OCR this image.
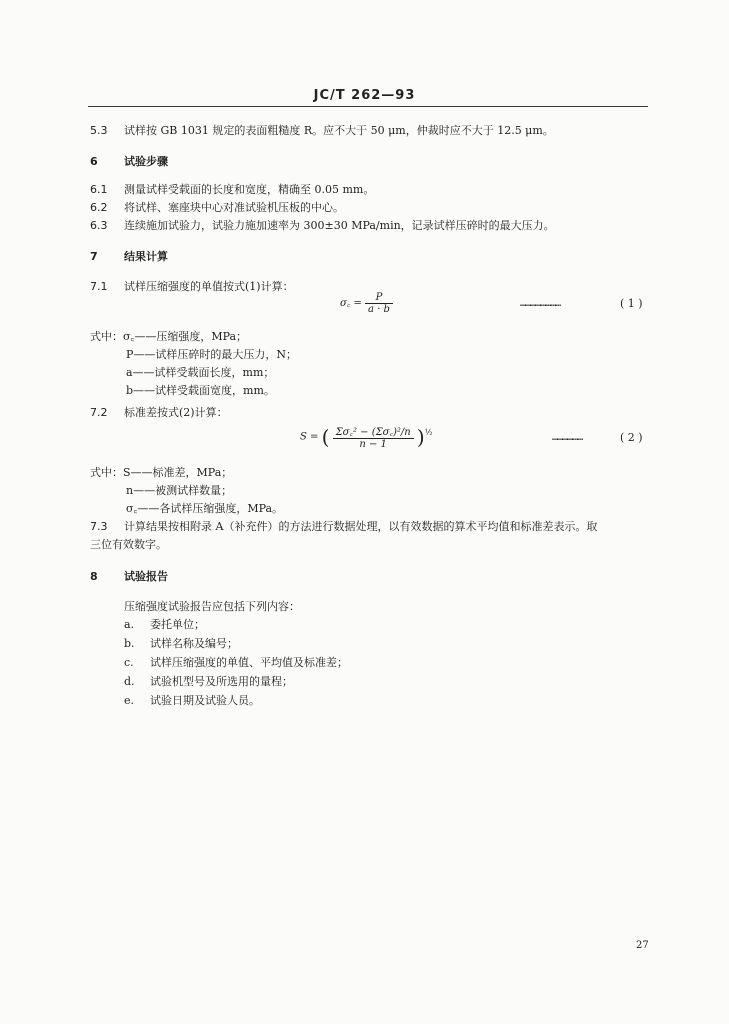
JC/T 262—93
5.3 试样按 GB 1031 规定的表面粗糙度 R。应不大于 50 μm，仲裁时应不大于 12.5 μm。
6 试验步骤
6.1 测量试样受载面的长度和宽度，精确至 0.05 mm。
6.2 将试样、塞座块中心对准试验机压板的中心。
6.3 连续施加试验力，试验力施加速率为 300±30 MPa/min，记录试样压碎时的最大压力。
7 结果计算
7.1 试样压缩强度的单值按式(1)计算：
σ꜀ = $\frac{P}{a \cdot b}$	……………………	( 1 )
式中：σ꜀——压缩强度，MPa；
P——试样压碎时的最大压力，N；
a——试样受载面长度，mm；
b——试样受载面宽度，mm。
7.2 标准差按式(2)计算：
S = ( $\frac{\text{Σσ꜀² − (Σσ꜀)²/n}}{n - 1} )^{\frac{1}{2}}$	………………	( 2 )
式中：S——标准差，MPa；
n——被测试样数量；
σ꜀——各试样压缩强度，MPa。
7.3 计算结果按相附录 A（补充件）的方法进行数据处理，以有效数据的算术平均值和标准差表示。取
三位有效数字。
8 试验报告
压缩强度试验报告应包括下列内容：
a. 委托单位；
b. 试样名称及编号；
c. 试样压缩强度的单值、平均值及标准差；
d. 试验机型号及所选用的量程；
e. 试验日期及试验人员。
27
